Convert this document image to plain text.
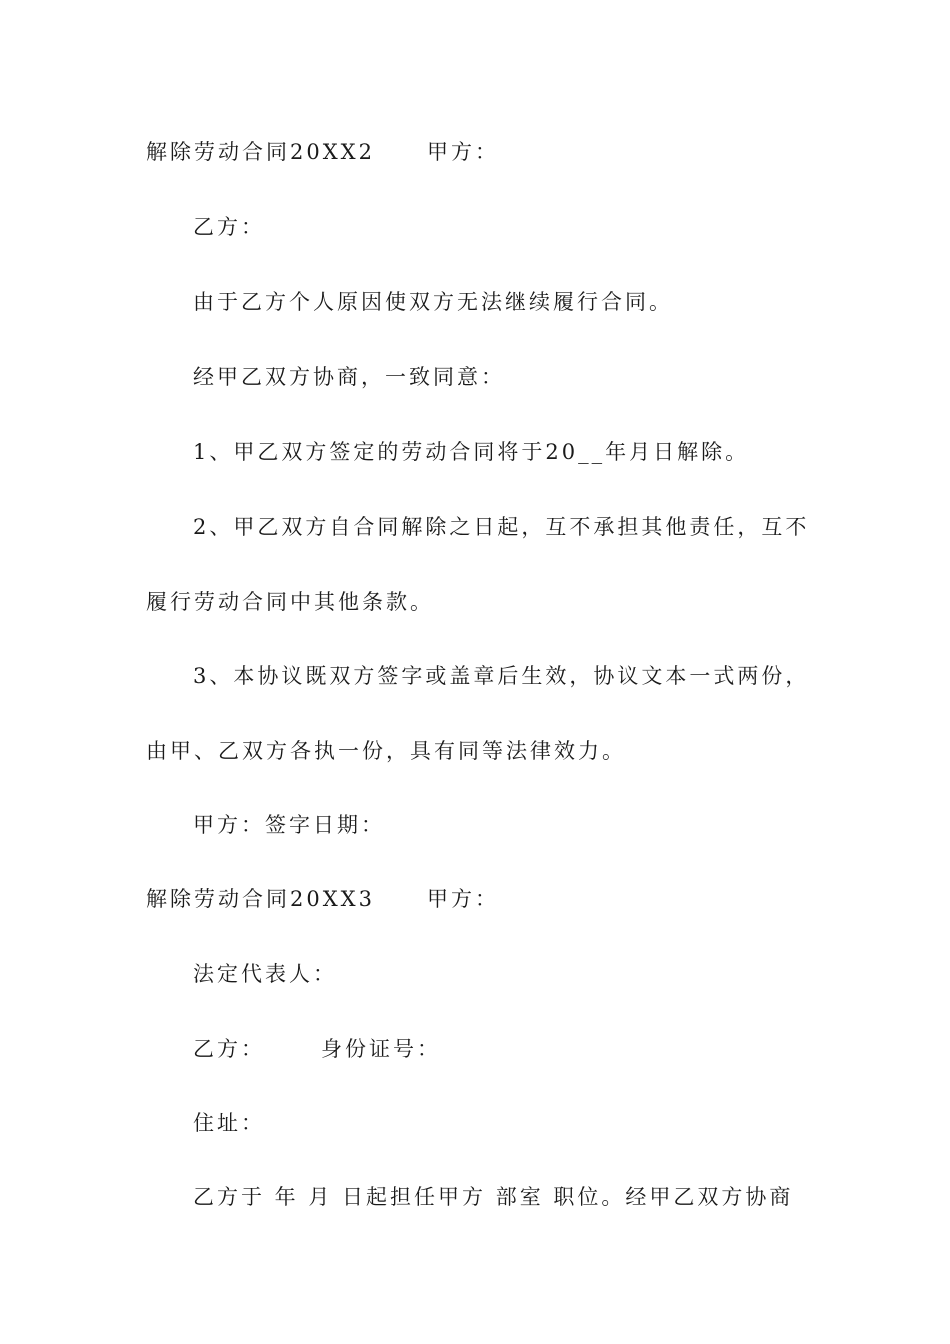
解除劳动合同20XX2 甲方：
乙方：
由于乙方个人原因使双方无法继续履行合同。
经甲乙双方协商，一致同意：
1、甲乙双方签定的劳动合同将于20__年月日解除。
2、甲乙双方自合同解除之日起，互不承担其他责任，互不
履行劳动合同中其他条款。
3、本协议既双方签字或盖章后生效，协议文本一式两份，
由甲、乙双方各执一份，具有同等法律效力。
甲方：签字日期：
解除劳动合同20XX3 甲方：
法定代表人：
乙方：	身份证号：
住址：
乙方于 年 月 日起担任甲方 部室 职位。经甲乙双方协商
